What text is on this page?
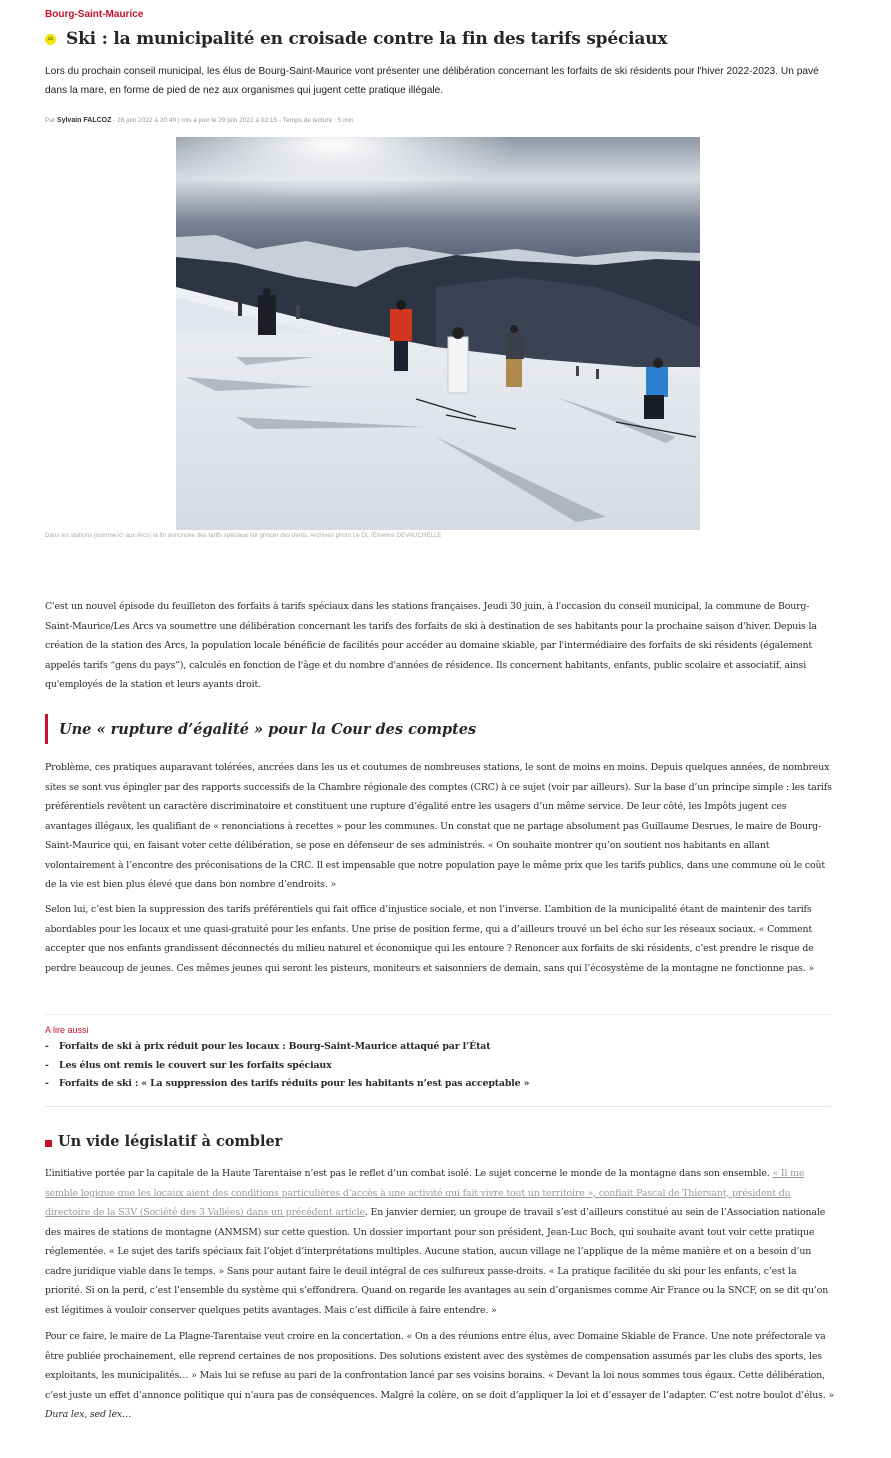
Bourg-Saint-Maurice
ab Ski : la municipalité en croisade contre la fin des tarifs spéciaux

Lors du prochain conseil municipal, les élus de Bourg-Saint-Maurice vont présenter une délibération concernant les forfaits de ski résidents pour l'hiver 2022-2023. Un pavé dans la mare, en forme de pied de nez aux organismes qui jugent cette pratique illégale.

Par Sylvain FALCOZ - 28 juin 2022 à 20:49 | mis à jour le 29 juin 2022 à 02:15 - Temps de lecture : 5 min
Dans les stations (comme ici aux Arcs) la fin annoncée des tarifs spéciaux fait grincer des dents. Archives photo Le DL /Émeline DEVAUCHELLE

C'est un nouvel épisode du feuilleton des forfaits à tarifs spéciaux dans les stations françaises. Jeudi 30 juin, à l'occasion du conseil municipal, la commune de Bourg-Saint-Maurice/Les Arcs va soumettre une délibération concernant les tarifs des forfaits de ski à destination de ses habitants pour la prochaine saison d'hiver. Depuis la création de la station des Arcs, la population locale bénéficie de facilités pour accéder au domaine skiable, par l'intermédiaire des forfaits de ski résidents (également appelés tarifs “gens du pays”), calculés en fonction de l'âge et du nombre d'années de résidence. Ils concernent habitants, enfants, public scolaire et associatif, ainsi qu'employés de la station et leurs ayants droit.

Une « rupture d’égalité » pour la Cour des comptes

Problème, ces pratiques auparavant tolérées, ancrées dans les us et coutumes de nombreuses stations, le sont de moins en moins. Depuis quelques années, de nombreux sites se sont vus épingler par des rapports successifs de la Chambre régionale des comptes (CRC) à ce sujet (voir par ailleurs). Sur la base d’un principe simple : les tarifs préférentiels revêtent un caractère discriminatoire et constituent une rupture d’égalité entre les usagers d’un même service. De leur côté, les Impôts jugent ces avantages illégaux, les qualifiant de « renonciations à recettes » pour les communes. Un constat que ne partage absolument pas Guillaume Desrues, le maire de Bourg-Saint-Maurice qui, en faisant voter cette délibération, se pose en défenseur de ses administrés. « On souhaite montrer qu’on soutient nos habitants en allant volontairement à l’encontre des préconisations de la CRC. Il est impensable que notre population paye le même prix que les tarifs publics, dans une commune où le coût de la vie est bien plus élevé que dans bon nombre d’endroits. »

Selon lui, c’est bien la suppression des tarifs préférentiels qui fait office d’injustice sociale, et non l’inverse. L’ambition de la municipalité étant de maintenir des tarifs abordables pour les locaux et une quasi-gratuité pour les enfants. Une prise de position ferme, qui a d’ailleurs trouvé un bel écho sur les réseaux sociaux. « Comment accepter que nos enfants grandissent déconnectés du milieu naturel et économique qui les entoure ? Renoncer aux forfaits de ski résidents, c’est prendre le risque de perdre beaucoup de jeunes. Ces mêmes jeunes qui seront les pisteurs, moniteurs et saisonniers de demain, sans qui l’écosystème de la montagne ne fonctionne pas. »

A lire aussi
-	Forfaits de ski à prix réduit pour les locaux : Bourg-Saint-Maurice attaqué par l’État
-	Les élus ont remis le couvert sur les forfaits spéciaux
-	Forfaits de ski : « La suppression des tarifs réduits pour les habitants n’est pas acceptable »
Un vide législatif à combler

L’initiative portée par la capitale de la Haute Tarentaise n’est pas le reflet d’un combat isolé. Le sujet concerne le monde de la montagne dans son ensemble. « Il me semble logique que les locaux aient des conditions particulières d’accès à une activité qui fait vivre tout un territoire », confiait Pascal de Thiersant, président du directoire de la S3V (Société des 3 Vallées) dans un précédent article. En janvier dernier, un groupe de travail s’est d’ailleurs constitué au sein de l’Association nationale des maires de stations de montagne (ANMSM) sur cette question. Un dossier important pour son président, Jean-Luc Boch, qui souhaite avant tout voir cette pratique réglementée. « Le sujet des tarifs spéciaux fait l’objet d’interprétations multiples. Aucune station, aucun village ne l’applique de la même manière et on a besoin d’un cadre juridique viable dans le temps. » Sans pour autant faire le deuil intégral de ces sulfureux passe-droits. « La pratique facilitée du ski pour les enfants, c’est la priorité. Si on la perd, c’est l’ensemble du système qui s’effondrera. Quand on regarde les avantages au sein d’organismes comme Air France ou la SNCF, on se dit qu’on est légitimes à vouloir conserver quelques petits avantages. Mais c’est difficile à faire entendre. »

Pour ce faire, le maire de La Plagne-Tarentaise veut croire en la concertation. « On a des réunions entre élus, avec Domaine Skiable de France. Une note préfectorale va être publiée prochainement, elle reprend certaines de nos propositions. Des solutions existent avec des systèmes de compensation assumés par les clubs des sports, les exploitants, les municipalités… » Mais lui se refuse au pari de la confrontation lancé par ses voisins borains. « Devant la loi nous sommes tous égaux. Cette délibération, c’est juste un effet d’annonce politique qui n’aura pas de conséquences. Malgré la colère, on se doit d’appliquer la loi et d’essayer de l’adapter. C’est notre boulot d’élus. » Dura lex, sed lex…
